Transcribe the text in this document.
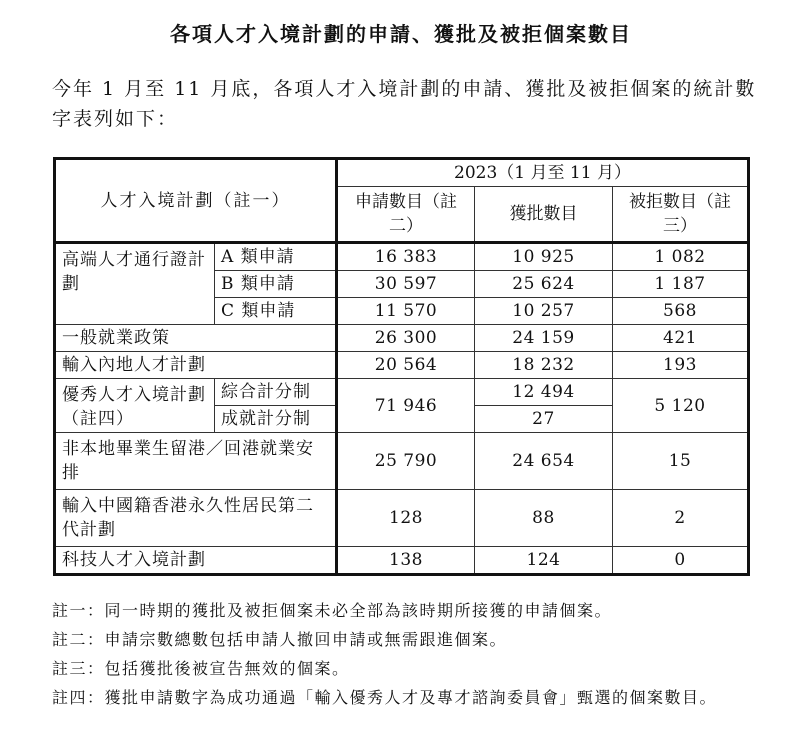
各項人才入境計劃的申請、獲批及被拒個案數目
今年 1 月至 11 月底，各項人才入境計劃的申請、獲批及被拒個案的統計數字表列如下：
人才入境計劃（註一）		2023（1 月至 11 月）		
		申請數目（註二）	獲批數目	被拒數目（註三）
高端人才通行證計劃	A 類申請	16 383	10 925	1 082
	B 類申請	30 597	25 624	1 187
	C 類申請	11 570	10 257	568
一般就業政策		26 300	24 159	421
輸入內地人才計劃		20 564	18 232	193
優秀人才入境計劃（註四）	綜合計分制	71 946	12 494	5 120
	成就計分制		27	
非本地畢業生留港／回港就業安排		25 790	24 654	15
輸入中國籍香港永久性居民第二代計劃		128	88	2
科技人才入境計劃		138	124	0
註一： 同一時期的獲批及被拒個案未必全部為該時期所接獲的申請個案。
註二： 申請宗數總數包括申請人撤回申請或無需跟進個案。
註三： 包括獲批後被宣告無效的個案。
註四： 獲批申請數字為成功通過「輸入優秀人才及專才諮詢委員會」甄選的個案數目。
